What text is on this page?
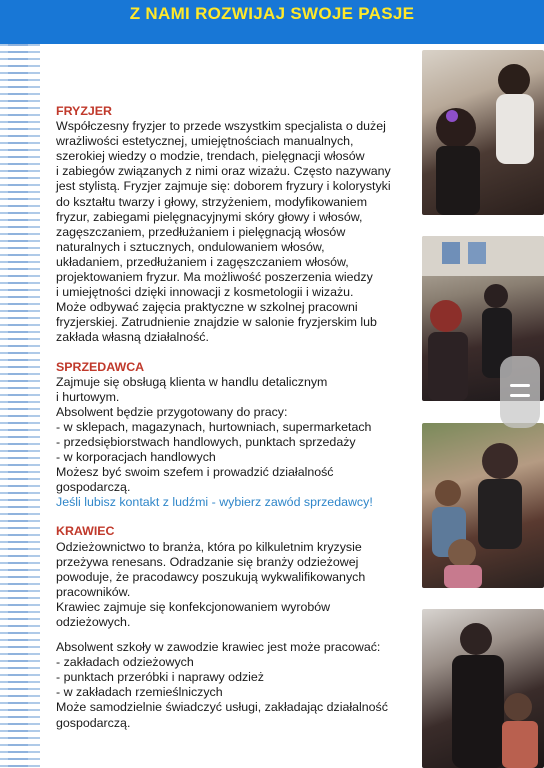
Z NAMI ROZWIJAJ SWOJE PASJE

FRYZJER

Współczesny fryzjer to przede wszystkim specjalista o dużej

wrażliwości estetycznej, umiejętnościach manualnych,

szerokiej wiedzy o modzie, trendach, pielęgnacji włosów

i zabiegów związanych z nimi oraz wizażu. Często nazywany

jest stylistą. Fryzjer zajmuje się: doborem fryzury i kolorystyki

do kształtu twarzy i głowy, strzyżeniem, modyfikowaniem

fryzur, zabiegami pielęgnacyjnymi skóry głowy i włosów,

zagęszczaniem, przedłużaniem i pielęgnacją włosów

naturalnych i sztucznych, ondulowaniem włosów,

układaniem, przedłużaniem i zagęszczaniem włosów,

projektowaniem fryzur. Ma możliwość poszerzenia wiedzy

i umiejętności dzięki innowacji z kosmetologii i wizażu.

Może odbywać zajęcia praktyczne w szkolnej pracowni

fryzjerskiej. Zatrudnienie znajdzie w salonie fryzjerskim lub

zakłada własną działalność.

SPRZEDAWCA

Zajmuje się obsługą klienta w handlu detalicznym

i hurtowym.

Absolwent będzie przygotowany do pracy:

- w sklepach, magazynach, hurtowniach, supermarketach

- przedsiębiorstwach handlowych, punktach sprzedaży

- w korporacjach handlowych

Możesz być swoim szefem i prowadzić działalność

gospodarczą.

Jeśli lubisz kontakt z ludźmi - wybierz zawód sprzedawcy!

KRAWIEC

Odzieżownictwo to branża, która po kilkuletnim kryzysie

przeżywa renesans. Odradzanie się branży odzieżowej

powoduje, że pracodawcy poszukują wykwalifikowanych

pracowników.

Krawiec zajmuje się konfekcjonowaniem wyrobów

odzieżowych.

Absolwent szkoły w zawodzie krawiec jest może pracować:

- zakładach odzieżowych

- punktach przeróbki i naprawy odzież

- w zakładach rzemieślniczych

Może samodzielnie świadczyć usługi, zakładając działalność

gospodarczą.
